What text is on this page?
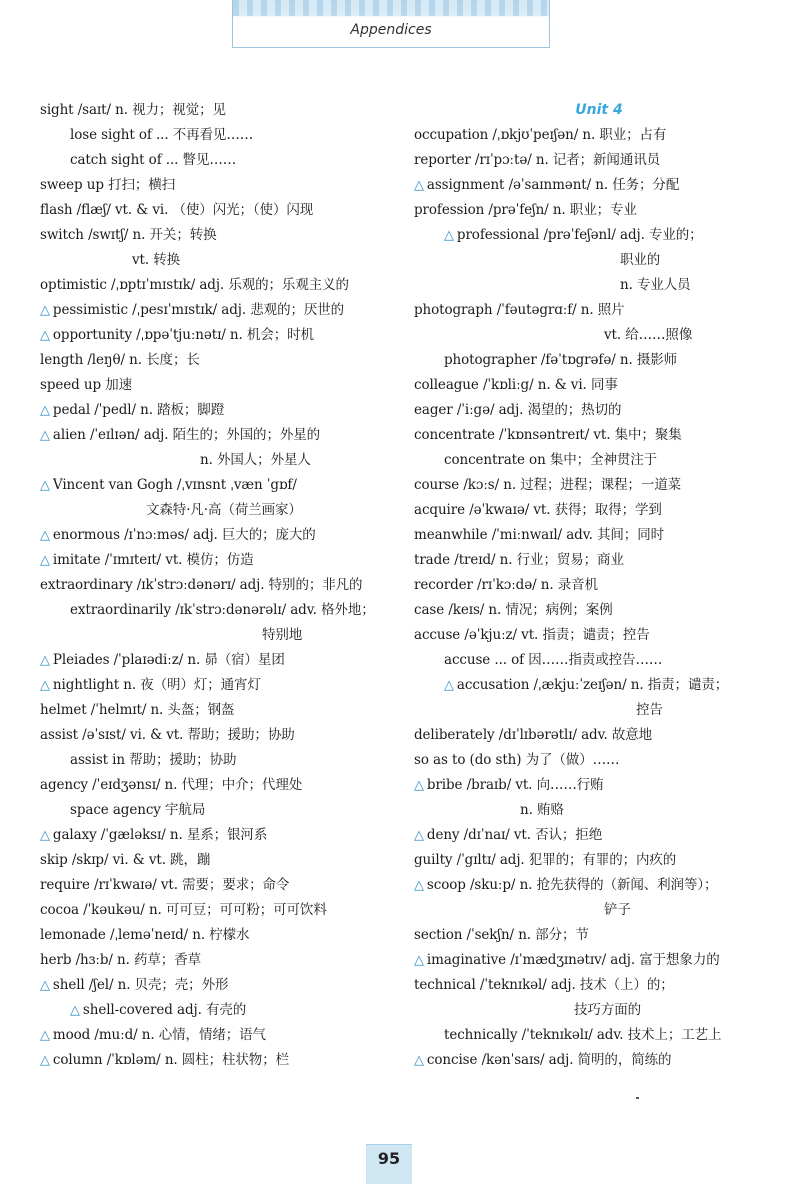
Appendices
sight /saɪt/ n. 视力；视觉；见
lose sight of ... 不再看见……
catch sight of ... 瞥见……
sweep up 打扫；横扫
flash /flæʃ/ vt. & vi. （使）闪光；（使）闪现
switch /swɪtʃ/ n. 开关；转换
vt. 转换
optimistic /ˌɒptɪˈmɪstɪk/ adj. 乐观的；乐观主义的
△ pessimistic /ˌpesɪˈmɪstɪk/ adj. 悲观的；厌世的
△ opportunity /ˌɒpəˈtjuːnətɪ/ n. 机会；时机
length /leŋθ/ n. 长度；长
speed up 加速
△ pedal /ˈpedl/ n. 踏板；脚蹬
△ alien /ˈeɪlɪən/ adj. 陌生的；外国的；外星的
n. 外国人；外星人
△ Vincent van Gogh /ˌvɪnsnt ˌvæn ˈgɒf/
文森特·凡·高（荷兰画家）
△ enormous /ɪˈnɔːməs/ adj. 巨大的；庞大的
△ imitate /ˈɪmɪteɪt/ vt. 模仿；仿造
extraordinary /ɪkˈstrɔːdənərɪ/ adj. 特别的；非凡的
extraordinarily /ɪkˈstrɔːdənərəlɪ/ adv. 格外地；
特别地
△ Pleiades /ˈplaɪədiːz/ n. 昴（宿）星团
△ nightlight n. 夜（明）灯；通宵灯
helmet /ˈhelmɪt/ n. 头盔；钢盔
assist /əˈsɪst/ vi. & vt. 帮助；援助；协助
assist in 帮助；援助；协助
agency /ˈeɪdʒənsɪ/ n. 代理；中介；代理处
space agency 宇航局
△ galaxy /ˈgæləksɪ/ n. 星系；银河系
skip /skɪp/ vi. & vt. 跳，蹦
require /rɪˈkwaɪə/ vt. 需要；要求；命令
cocoa /ˈkəukəu/ n. 可可豆；可可粉；可可饮料
lemonade /ˌleməˈneɪd/ n. 柠檬水
herb /hɜːb/ n. 药草；香草
△ shell /ʃel/ n. 贝壳；壳；外形
△ shell-covered adj. 有壳的
△ mood /muːd/ n. 心情，情绪；语气
△ column /ˈkɒləm/ n. 圆柱；柱状物；栏
Unit 4
occupation /ˌɒkjʊˈpeɪʃən/ n. 职业；占有
reporter /rɪˈpɔːtə/ n. 记者；新闻通讯员
△ assignment /əˈsaɪnmənt/ n. 任务；分配
profession /prəˈfeʃn/ n. 职业；专业
△ professional /prəˈfeʃənl/ adj. 专业的；
职业的
n. 专业人员
photograph /ˈfəutəgrɑːf/ n. 照片
vt. 给……照像
photographer /fəˈtɒgrəfə/ n. 摄影师
colleague /ˈkɒliːg/ n. & vi. 同事
eager /ˈiːgə/ adj. 渴望的；热切的
concentrate /ˈkɒnsəntreɪt/ vt. 集中；聚集
concentrate on 集中；全神贯注于
course /kɔːs/ n. 过程；进程；课程；一道菜
acquire /əˈkwaɪə/ vt. 获得；取得；学到
meanwhile /ˈmiːnwaɪl/ adv. 其间；同时
trade /treɪd/ n. 行业；贸易；商业
recorder /rɪˈkɔːdə/ n. 录音机
case /keɪs/ n. 情况；病例；案例
accuse /əˈkjuːz/ vt. 指责；谴责；控告
accuse ... of 因……指责或控告……
△ accusation /ˌækjuːˈzeɪʃən/ n. 指责；谴责；
控告
deliberately /dɪˈlɪbərətlɪ/ adv. 故意地
so as to (do sth) 为了（做）……
△ bribe /braɪb/ vt. 向……行贿
n. 贿赂
△ deny /dɪˈnaɪ/ vt. 否认；拒绝
guilty /ˈgɪltɪ/ adj. 犯罪的；有罪的；内疚的
△ scoop /skuːp/ n. 抢先获得的（新闻、利润等）；
铲子
section /ˈsekʃn/ n. 部分；节
△ imaginative /ɪˈmædʒɪnətɪv/ adj. 富于想象力的
technical /ˈteknɪkəl/ adj. 技术（上）的；
技巧方面的
technically /ˈteknɪkəlɪ/ adv. 技术上；工艺上
△ concise /kənˈsaɪs/ adj. 简明的，简练的
95
